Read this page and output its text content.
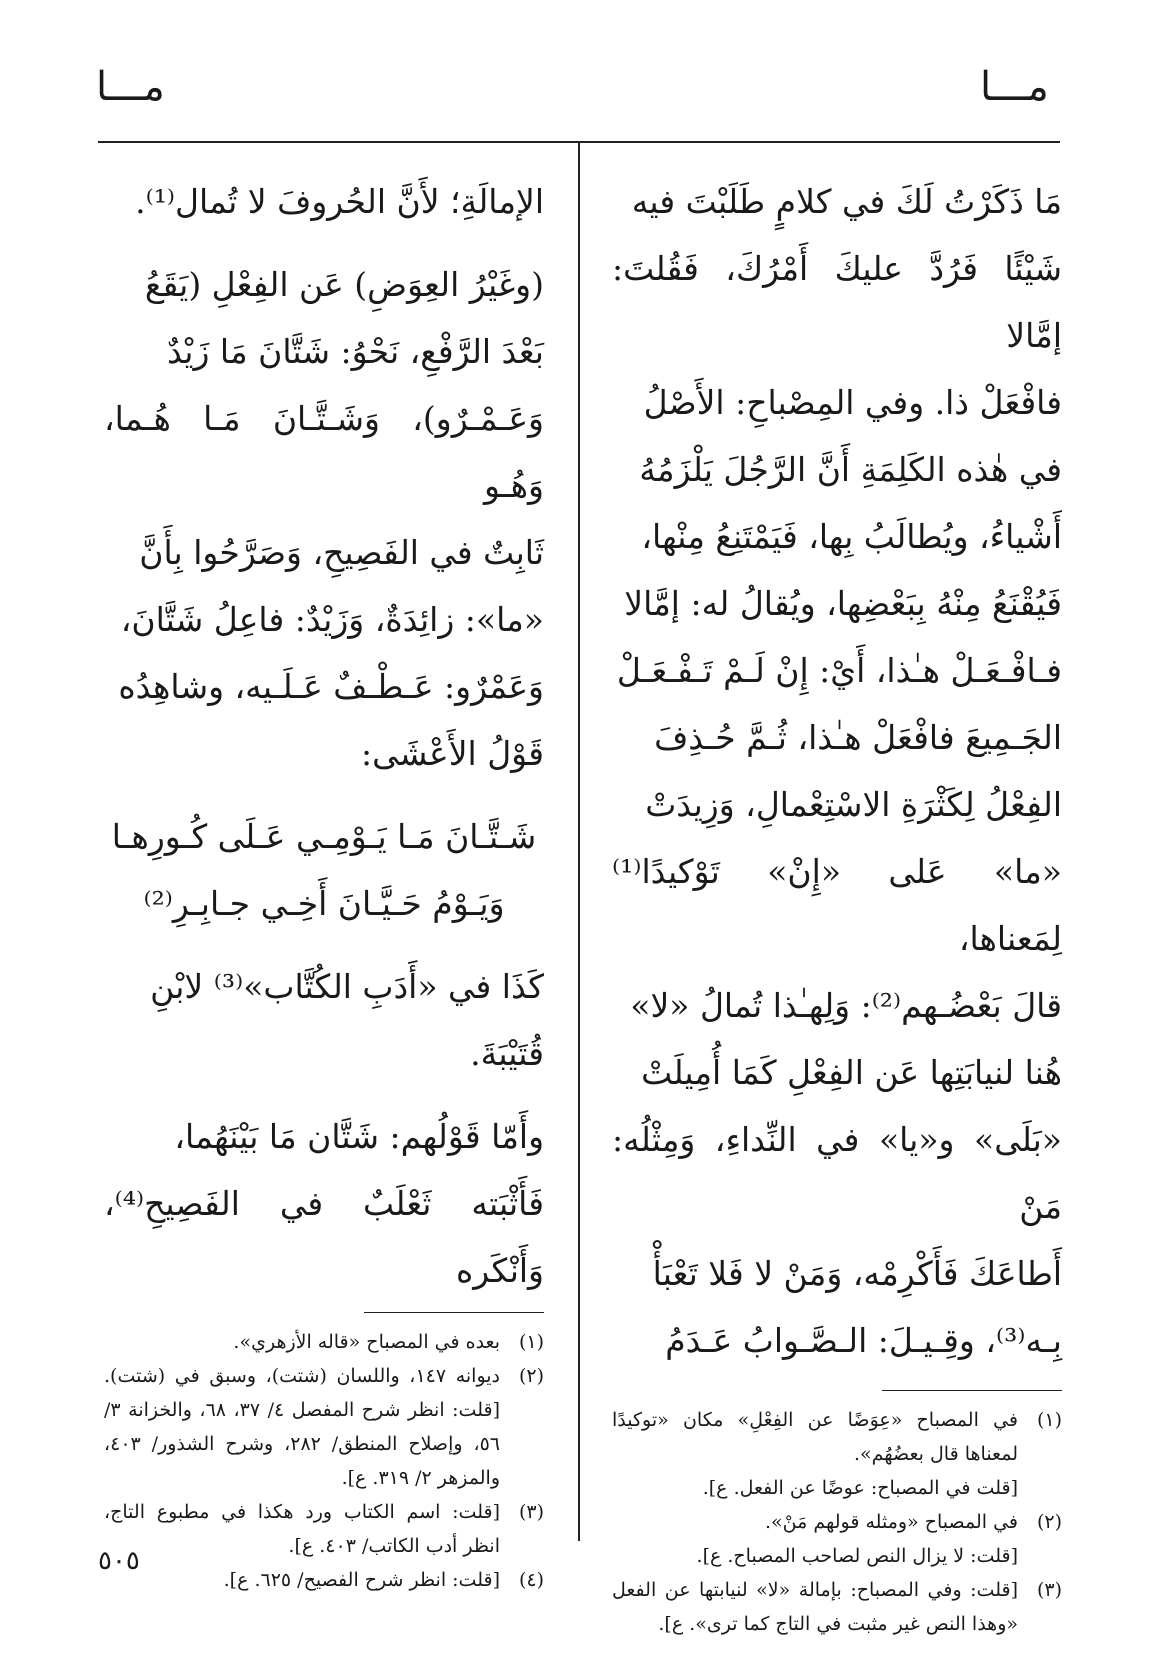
مـــا
مـــا

مَا ذَكَرْتُ لَكَ في كلامٍ طَلَبْتَ فيه

شَيْئًا فَرُدَّ عليكَ أَمْرُكَ، فَقُلتَ: إمَّالا

فافْعَلْ ذا. وفي المِصْباحِ: الأَصْلُ

في هٰذه الكَلِمَةِ أَنَّ الرَّجُلَ يَلْزَمُهُ

أَشْياءُ، ويُطالَبُ بِها، فَيَمْتَنِعُ مِنْها،

فَيُقْنَعُ مِنْهُ بِبَعْضِها، ويُقالُ له: إمَّالا

فـافْـعَـلْ هـٰذا، أَيْ: إِنْ لَـمْ تَـفْـعَـلْ

الجَـمِيعَ فافْعَلْ هـٰذا، ثُـمَّ حُـذِفَ

الفِعْلُ لِكَثْرَةِ الاسْتِعْمالِ، وَزِيدَتْ

«ما» عَلى «إِنْ» تَوْكيدًا⁽¹⁾ لِمَعناها،

قالَ بَعْضُـهم⁽²⁾: وَلِهـٰذا تُمالُ «لا»

هُنا لنيابَتِها عَن الفِعْلِ كَمَا أُمِيلَتْ

«بَلَى» و«يا» في النِّداءِ، وَمِثْلُه: مَنْ

أَطاعَكَ فَأَكْرِمْه، وَمَنْ لا فَلا تَعْبَأْ

بِـه⁽³⁾، وقِـيـلَ: الـصَّـوابُ عَـدَمُ

(١)
في المصباح «عِوَضًا عن الفِعْلِ» مكان «توكيدًا لمعناها قال بعضُهُم».
[قلت في المصباح: عوضًا عن الفعل. ع].
(٢)
في المصباح «ومثله قولهم مَنْ».
[قلت: لا يزال النص لصاحب المصباح. ع].
(٣)
[قلت: وفي المصباح: بإمالة «لا» لنيابتها عن الفعل «وهذا النص غير مثبت في التاج كما ترى». ع].

الإمالَةِ؛ لأَنَّ الحُروفَ لا تُمال⁽¹⁾.

(وغَيْرُ العِوَضِ) عَن الفِعْلِ (يَقَعُ

بَعْدَ الرَّفْعِ، نَحْوُ: شَتَّانَ مَا زَيْدٌ

وَعَـمْـرٌو)، وَشَـتَّـانَ مَـا هُـما، وَهُـو

ثَابِتٌ في الفَصِيحِ، وَصَرَّحُوا بِأَنَّ

«ما»: زائِدَةٌ، وَزَيْدٌ: فاعِلُ شَتَّانَ،

وَعَمْرٌو: عَـطْـفٌ عَـلَـيه، وشاهِدُه

قَوْلُ الأَعْشَى:

شَـتَّـانَ مَـا يَـوْمِـي عَـلَى كُـورِهـا

وَيَـوْمُ حَـيَّـانَ أَخِـي جـابِـرِ⁽²⁾

كَذَا في «أَدَبِ الكُتَّاب»⁽³⁾ لابْنِ

قُتَيْبَةَ.

وأَمّا قَوْلُهم: شَتَّان مَا بَيْنَهُما،

فَأَثْبَته ثَعْلَبٌ في الفَصِيحِ⁽⁴⁾، وَأَنْكَره

(١)
بعده في المصباح «قاله الأزهري».
(٢)
ديوانه ١٤٧، واللسان (شتت)، وسبق في (شتت). [قلت: انظر شرح المفصل ٤/ ٣٧، ٦٨، والخزانة ٣/ ٥٦، وإصلاح المنطق/ ٢٨٢، وشرح الشذور/ ٤٠٣، والمزهر ٢/ ٣١٩. ع].
(٣)
[قلت: اسم الكتاب ورد هكذا في مطبوع التاج، انظر أدب الكاتب/ ٤٠٣. ع].
(٤)
[قلت: انظر شرح الفصيح/ ٦٢٥. ع].
٥٠٥
